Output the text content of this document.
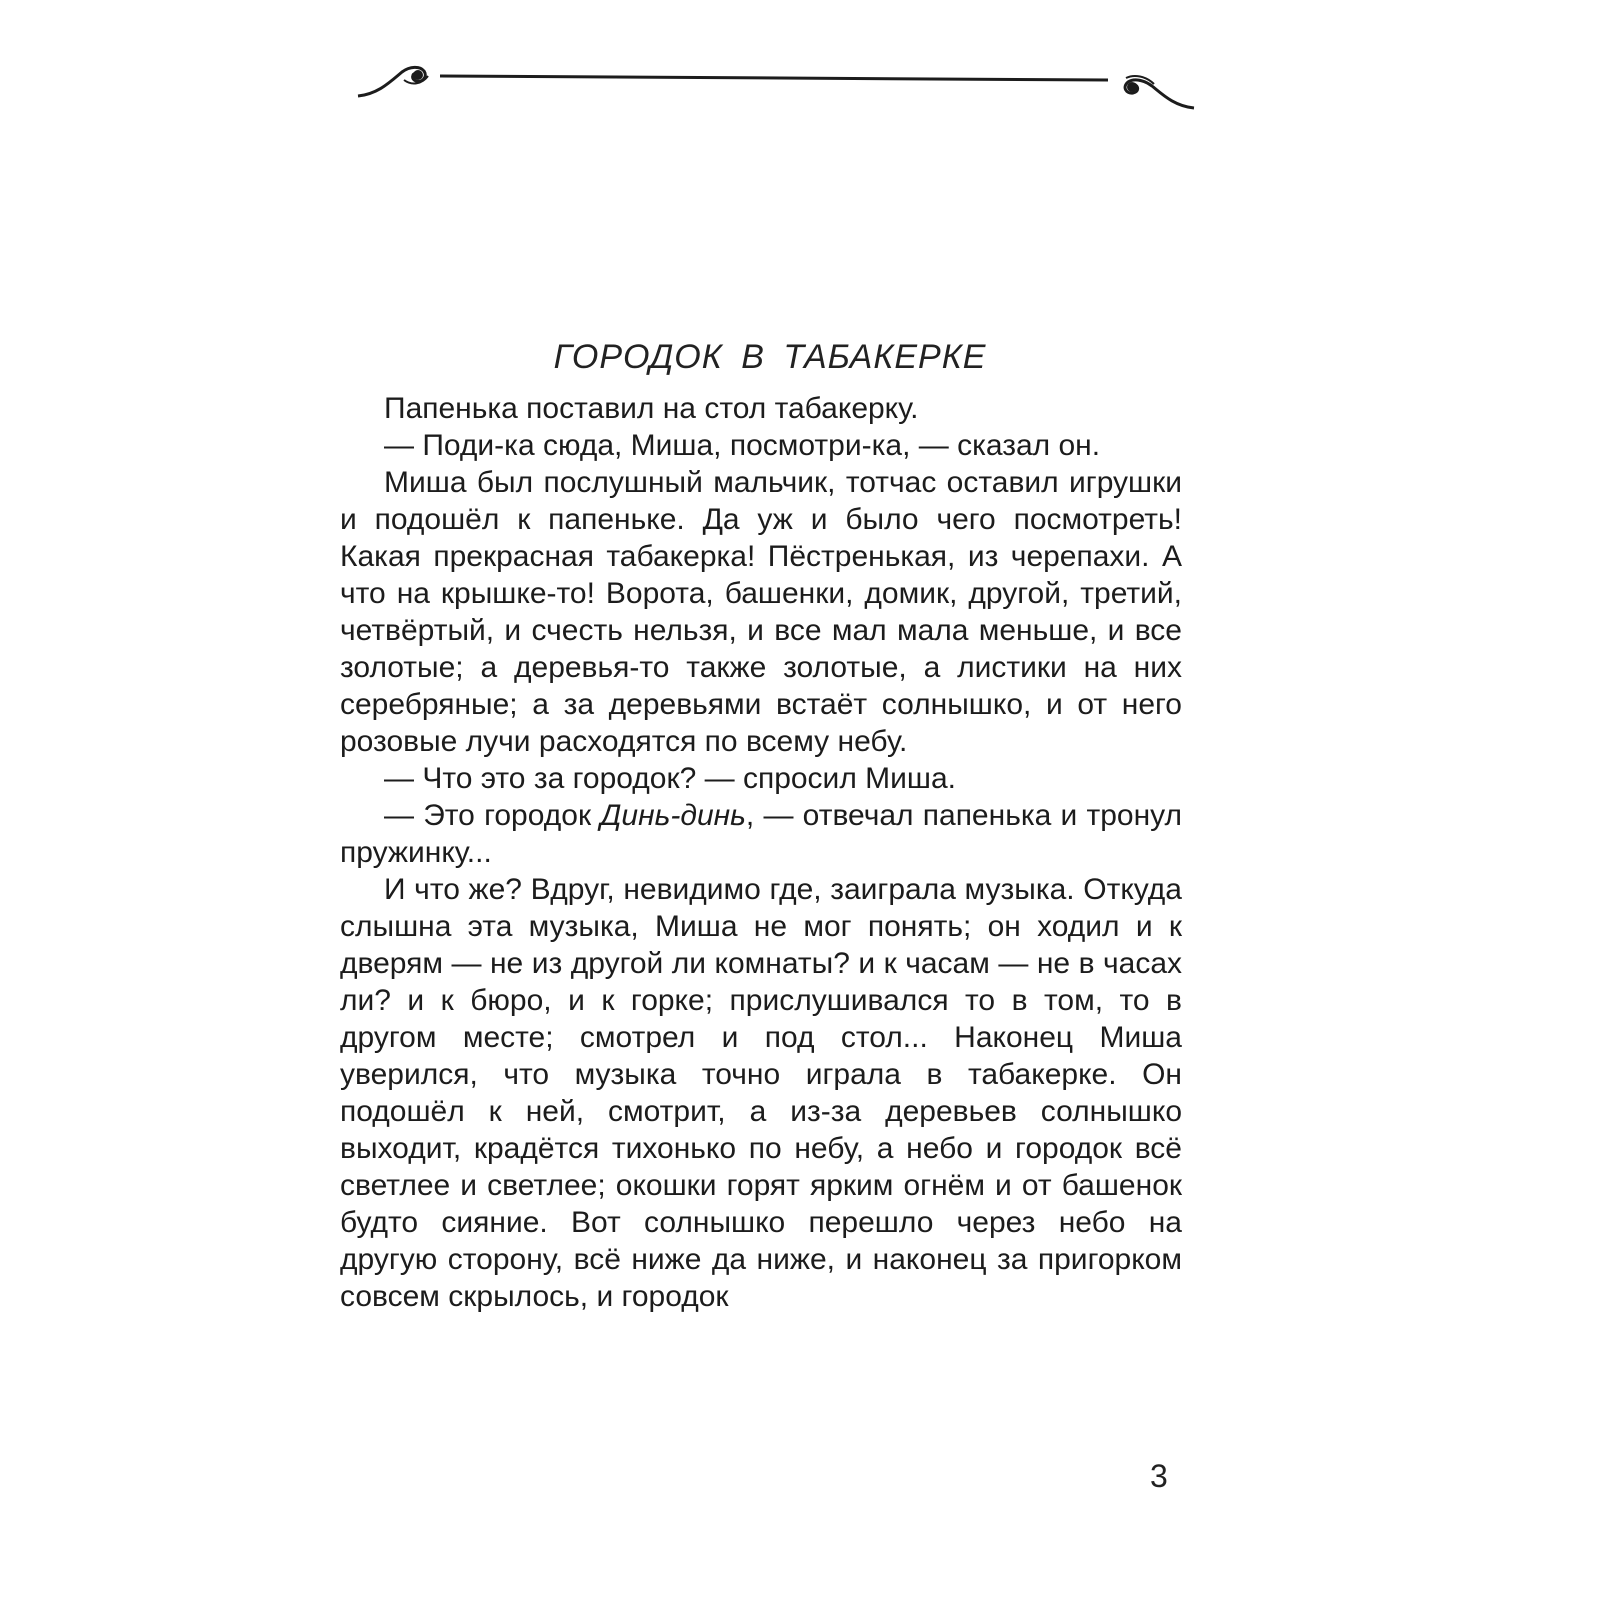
ГОРОДОК В ТАБАКЕРКЕ

Папенька поставил на стол табакерку.

— Поди-ка сюда, Миша, посмотри-ка, — сказал он.

Миша был послушный мальчик, тотчас оставил игрушки и подошёл к папеньке. Да уж и было чего посмотреть! Какая прекрасная табакерка! Пёстренькая, из черепахи. А что на крышке-то! Ворота, башенки, домик, другой, третий, четвёртый, и счесть нельзя, и все мал мала меньше, и все золотые; а деревья-то также золотые, а листики на них серебряные; а за деревьями встаёт солнышко, и от него розовые лучи расходятся по всему небу.

— Что это за городок? — спросил Миша.

— Это городок Динь-динь, — отвечал папенька и тронул пружинку...

И что же? Вдруг, невидимо где, заиграла музыка. Откуда слышна эта музыка, Миша не мог понять; он ходил и к дверям — не из другой ли комнаты? и к часам — не в часах ли? и к бюро, и к горке; прислушивался то в том, то в другом месте; смотрел и под стол... Наконец Миша уверился, что музыка точно играла в табакерке. Он подошёл к ней, смотрит, а из-за деревьев солнышко выходит, крадётся тихонько по небу, а небо и городок всё светлее и светлее; окошки горят ярким огнём и от башенок будто сияние. Вот солнышко перешло через небо на другую сторону, всё ниже да ниже, и наконец за пригорком совсем скрылось, и городок

3
